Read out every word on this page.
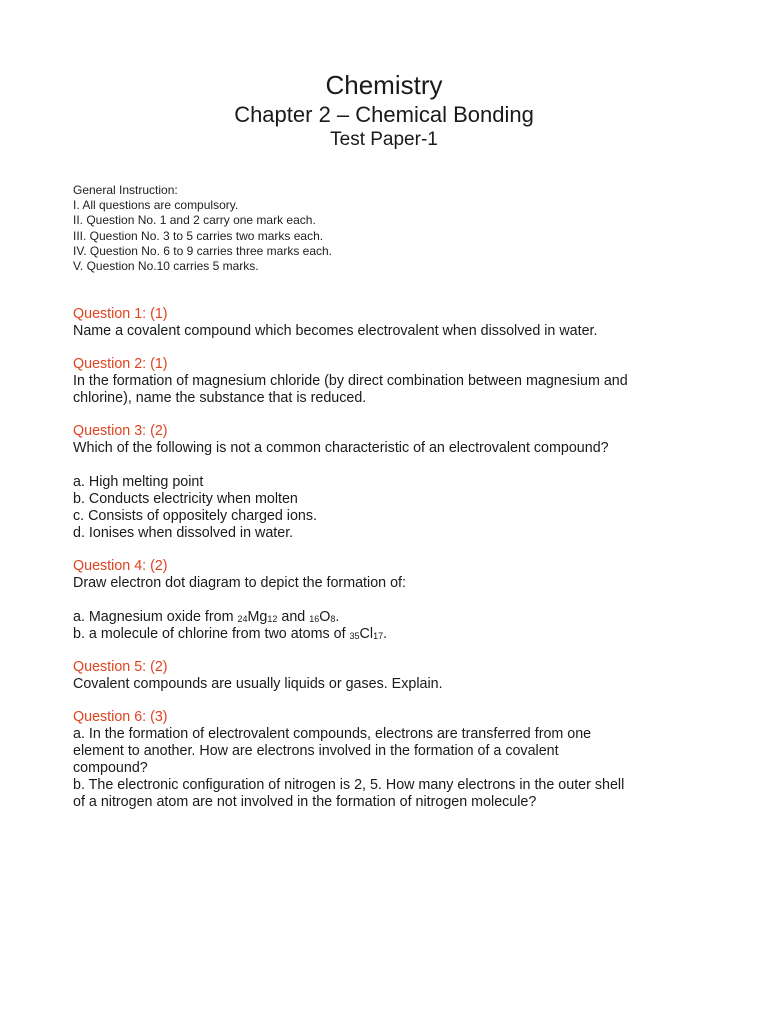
Chemistry
Chapter 2 – Chemical Bonding
Test Paper-1
General Instruction:
I. All questions are compulsory.
II. Question No. 1 and 2 carry one mark each.
III. Question No. 3 to 5 carries two marks each.
IV. Question No. 6 to 9 carries three marks each.
V. Question No.10 carries 5 marks.
Question 1: (1)
Name a covalent compound which becomes electrovalent when dissolved in water.
Question 2: (1)
In the formation of magnesium chloride (by direct combination between magnesium and
chlorine), name the substance that is reduced.
Question 3: (2)
Which of the following is not a common characteristic of an electrovalent compound?
a. High melting point
b. Conducts electricity when molten
c. Consists of oppositely charged ions.
d. Ionises when dissolved in water.
Question 4: (2)
Draw electron dot diagram to depict the formation of:
a. Magnesium oxide from $_{24}Mg_{12}$ and $_{16}O_8$.
b. a molecule of chlorine from two atoms of $_{35}Cl_{17}$.
Question 5: (2)
Covalent compounds are usually liquids or gases. Explain.
Question 6: (3)
a. In the formation of electrovalent compounds, electrons are transferred from one
element to another. How are electrons involved in the formation of a covalent
compound?
b. The electronic configuration of nitrogen is 2, 5. How many electrons in the outer shell
of a nitrogen atom are not involved in the formation of nitrogen molecule?
